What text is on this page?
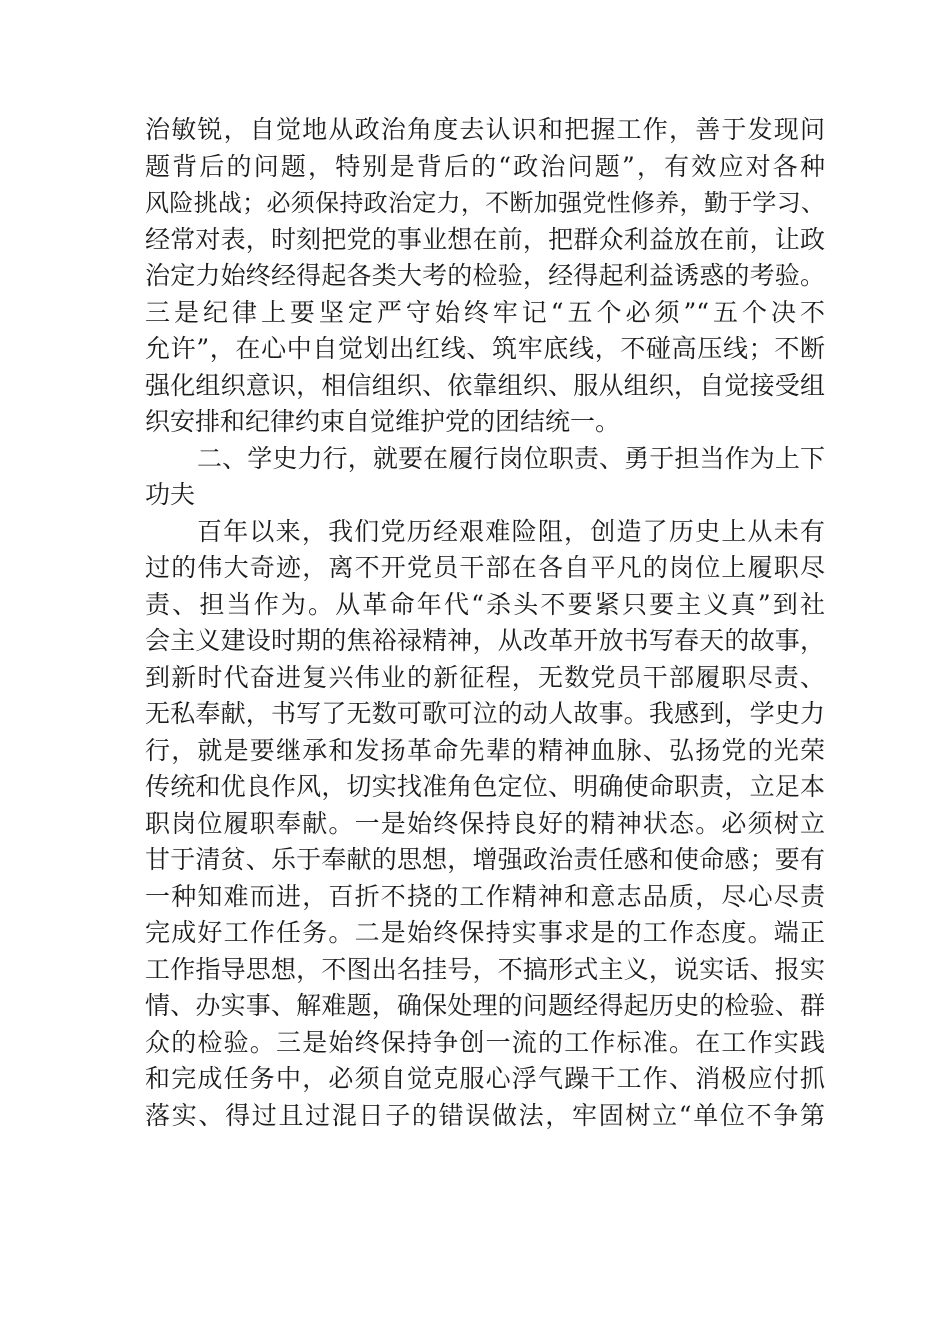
治敏锐，自觉地从政治角度去认识和把握工作，善于发现问
题背后的问题，特别是背后的“政治问题”，有效应对各种
风险挑战；必须保持政治定力，不断加强党性修养，勤于学习、
经常对表，时刻把党的事业想在前，把群众利益放在前，让政
治定力始终经得起各类大考的检验，经得起利益诱惑的考验。
三是纪律上要坚定严守始终牢记“五个必须”“五个决不
允许”，在心中自觉划出红线、筑牢底线，不碰高压线；不断
强化组织意识，相信组织、依靠组织、服从组织，自觉接受组
织安排和纪律约束自觉维护党的团结统一。
二、学史力行，就要在履行岗位职责、勇于担当作为上下
功夫
百年以来，我们党历经艰难险阻，创造了历史上从未有
过的伟大奇迹，离不开党员干部在各自平凡的岗位上履职尽
责、担当作为。从革命年代“杀头不要紧只要主义真”到社
会主义建设时期的焦裕禄精神，从改革开放书写春天的故事，
到新时代奋进复兴伟业的新征程，无数党员干部履职尽责、
无私奉献，书写了无数可歌可泣的动人故事。我感到，学史力
行，就是要继承和发扬革命先辈的精神血脉、弘扬党的光荣
传统和优良作风，切实找准角色定位、明确使命职责，立足本
职岗位履职奉献。一是始终保持良好的精神状态。必须树立
甘于清贫、乐于奉献的思想，增强政治责任感和使命感；要有
一种知难而进，百折不挠的工作精神和意志品质，尽心尽责
完成好工作任务。二是始终保持实事求是的工作态度。端正
工作指导思想，不图出名挂号，不搞形式主义，说实话、报实
情、办实事、解难题，确保处理的问题经得起历史的检验、群
众的检验。三是始终保持争创一流的工作标准。在工作实践
和完成任务中，必须自觉克服心浮气躁干工作、消极应付抓
落实、得过且过混日子的错误做法，牢固树立“单位不争第
